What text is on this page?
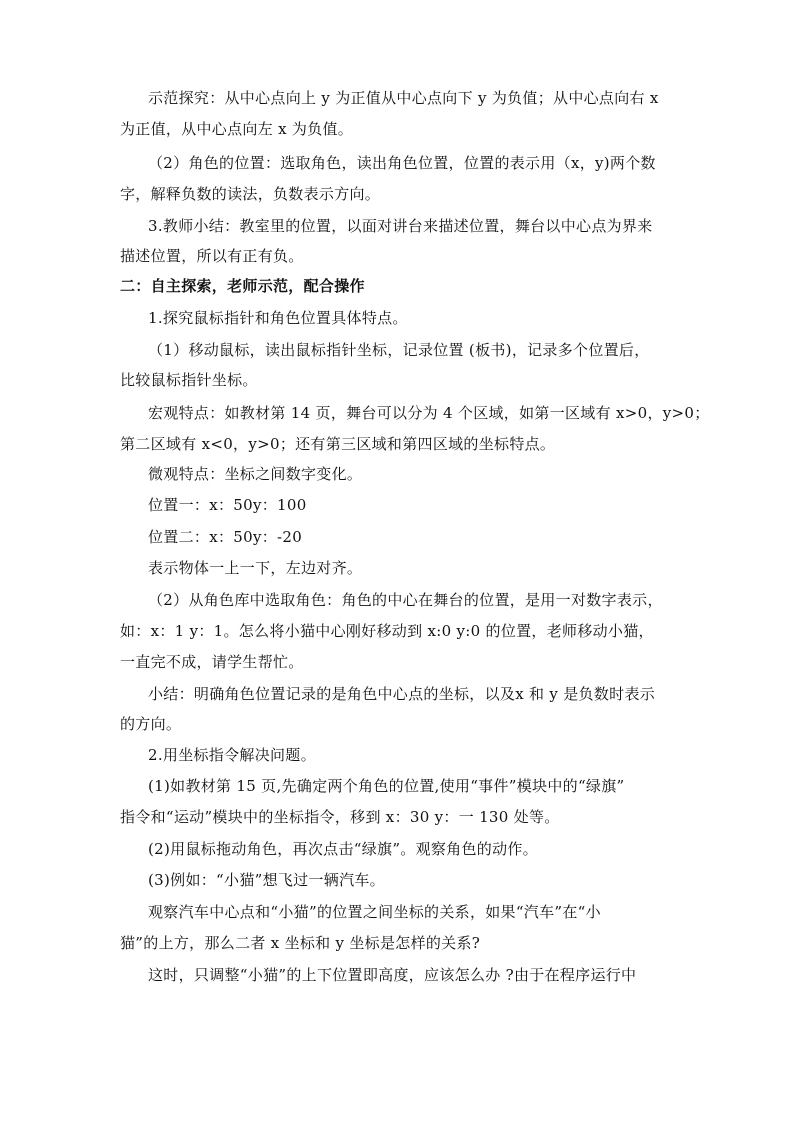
示范探究：从中心点向上 y 为正值从中心点向下 y 为负值；从中心点向右 x
为正值，从中心点向左 x 为负值。
（2）角色的位置：选取角色，读出角色位置，位置的表示用（x，y)两个数
字，解释负数的读法，负数表示方向。
3.教师小结：教室里的位置，以面对讲台来描述位置，舞台以中心点为界来
描述位置，所以有正有负。
二：自主探索，老师示范，配合操作
1.探究鼠标指针和角色位置具体特点。
（1）移动鼠标，读出鼠标指针坐标，记录位置 (板书)，记录多个位置后，
比较鼠标指针坐标。
宏观特点：如教材第 14 页，舞台可以分为 4 个区域，如第一区域有 x>0，y>0；
第二区域有 x<0，y>0；还有第三区域和第四区域的坐标特点。
微观特点：坐标之间数字变化。
位置一：x：50y：100
位置二：x：50y：-20
表示物体一上一下，左边对齐。
（2）从角色库中选取角色：角色的中心在舞台的位置，是用一对数字表示，
如：x：1 y：1。怎么将小猫中心刚好移动到 x:0 y:0 的位置，老师移动小猫，
一直完不成，请学生帮忙。
小结：明确角色位置记录的是角色中心点的坐标，以及x 和 y 是负数时表示
的方向。
2.用坐标指令解决问题。
(1)如教材第 15 页,先确定两个角色的位置,使用“事件”模块中的“绿旗”
指令和“运动”模块中的坐标指令，移到 x：30 y：一 130 处等。
(2)用鼠标拖动角色，再次点击“绿旗”。观察角色的动作。
(3)例如：“小猫”想飞过一辆汽车。
观察汽车中心点和“小猫”的位置之间坐标的关系，如果“汽车”在“小
猫”的上方，那么二者 x 坐标和 y 坐标是怎样的关系?
这时，只调整“小猫”的上下位置即高度，应该怎么办 ?由于在程序运行中
